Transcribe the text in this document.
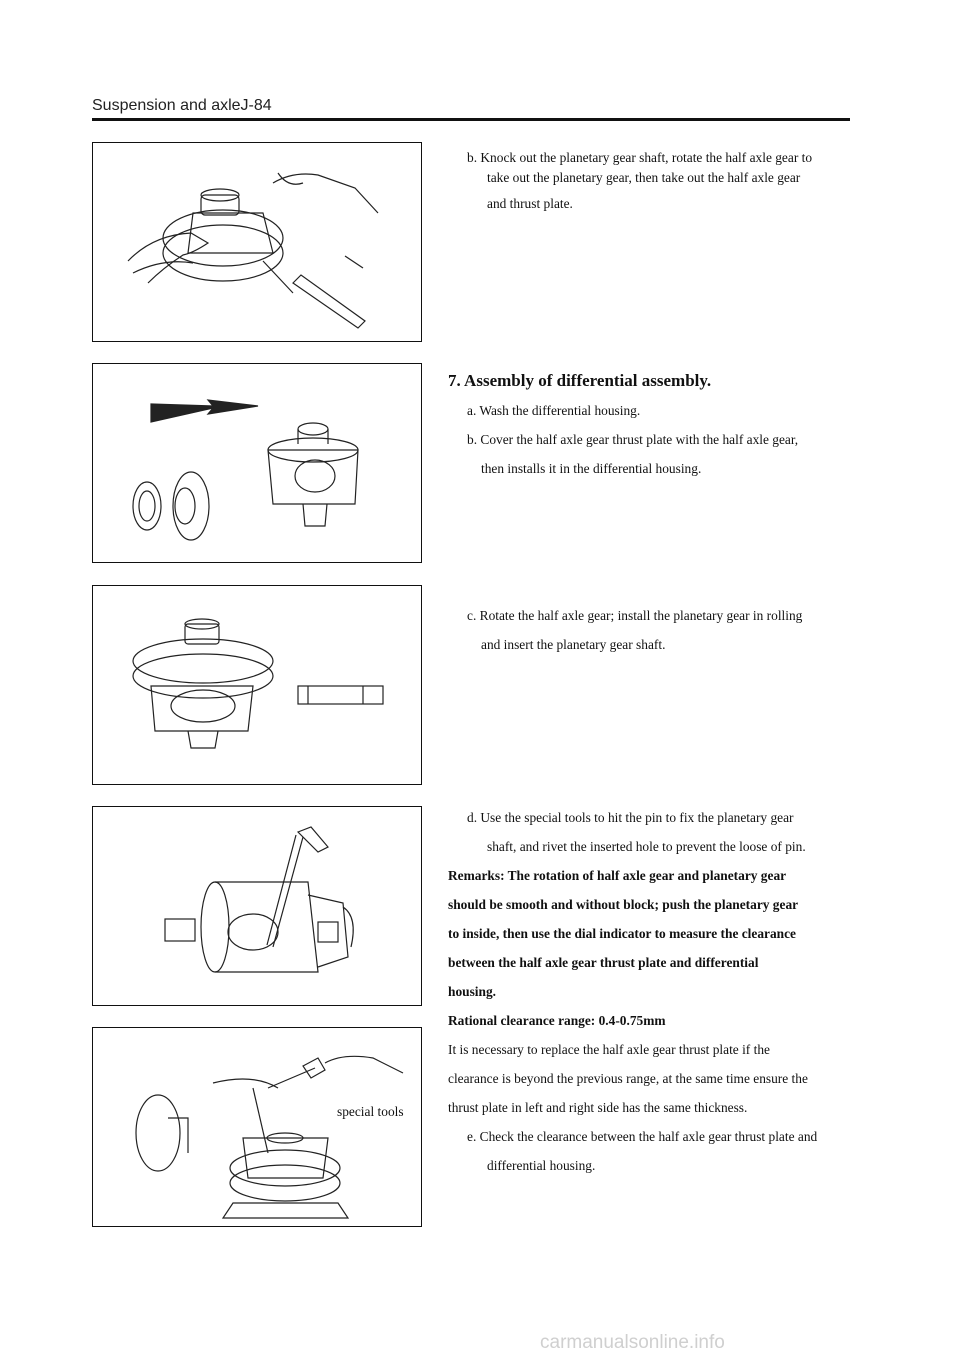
Suspension and axleJ-84
b. Knock out the planetary gear shaft, rotate the half axle gear to
take out the planetary gear, then take out the half axle gear
and thrust plate.
7. Assembly of differential assembly.
a. Wash the differential housing.
b. Cover the half axle gear thrust plate with the half axle gear,
then installs it in the differential housing.
c. Rotate the half axle gear; install the planetary gear in rolling
and insert the planetary gear shaft.
d. Use the special tools to hit the pin to fix the planetary gear
shaft, and rivet the inserted hole to prevent the loose of pin.
Remarks: The rotation of half axle gear and planetary gear
should be smooth and without block; push the planetary gear
to inside, then use the dial indicator to measure the clearance
between the half axle gear thrust plate and differential
housing.
Rational clearance range: 0.4-0.75mm
It is necessary to replace the half axle gear thrust plate if the
clearance is beyond the previous range, at the same time ensure the
thrust plate in left and right side has the same thickness.
e. Check the clearance between the half axle gear thrust plate and
differential housing.
special tools
carmanualsonline.info
